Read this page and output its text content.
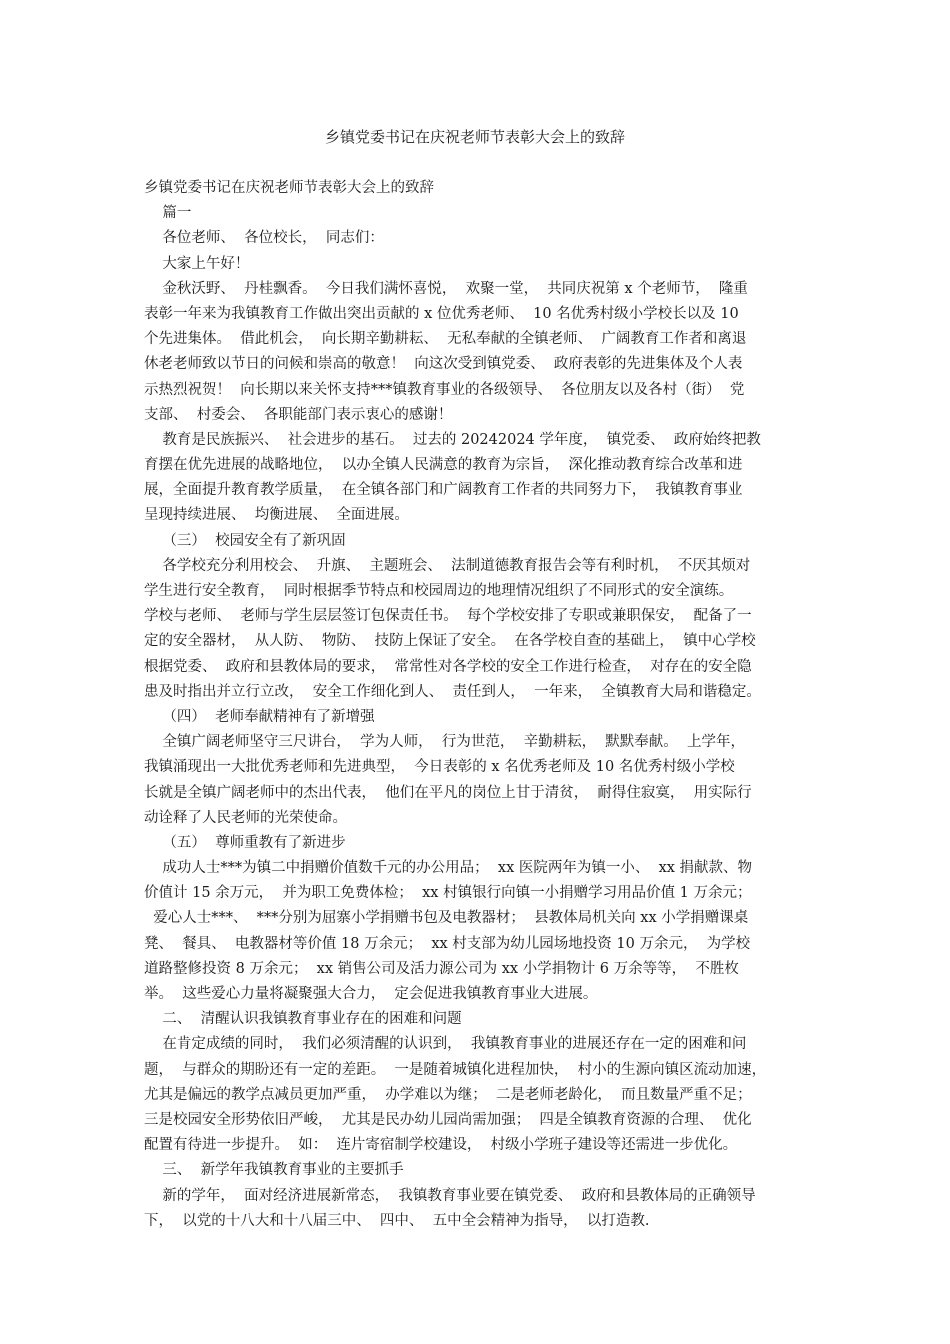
乡镇党委书记在庆祝老师节表彰大会上的致辞
乡镇党委书记在庆祝老师节表彰大会上的致辞
篇一
各位老师、  各位校长，  同志们：
大家上午好！
金秋沃野、  丹桂飘香。  今日我们满怀喜悦，  欢聚一堂，  共同庆祝第 x 个老师节，  隆重
表彰一年来为我镇教育工作做出突出贡献的 x 位优秀老师、  10 名优秀村级小学校长以及 10
个先进集体。  借此机会，  向长期辛勤耕耘、  无私奉献的全镇老师、  广阔教育工作者和离退
休老老师致以节日的问候和崇高的敬意！  向这次受到镇党委、  政府表彰的先进集体及个人表
示热烈祝贺！  向长期以来关怀支持***镇教育事业的各级领导、  各位朋友以及各村（街）  党
支部、  村委会、  各职能部门表示衷心的感谢！
教育是民族振兴、  社会进步的基石。  过去的 20242024 学年度，  镇党委、  政府始终把教
育摆在优先进展的战略地位，  以办全镇人民满意的教育为宗旨，  深化推动教育综合改革和进
展，全面提升教育教学质量，  在全镇各部门和广阔教育工作者的共同努力下，  我镇教育事业
呈现持续进展、  均衡进展、  全面进展。
（三）  校园安全有了新巩固
各学校充分利用校会、  升旗、  主题班会、  法制道德教育报告会等有利时机，  不厌其烦对
学生进行安全教育，  同时根据季节特点和校园周边的地理情况组织了不同形式的安全演练。
学校与老师、  老师与学生层层签订包保责任书。  每个学校安排了专职或兼职保安，  配备了一
定的安全器材，  从人防、  物防、  技防上保证了安全。  在各学校自查的基础上，  镇中心学校
根据党委、  政府和县教体局的要求，  常常性对各学校的安全工作进行检查，  对存在的安全隐
患及时指出并立行立改，  安全工作细化到人、  责任到人，  一年来，  全镇教育大局和谐稳定。
（四）  老师奉献精神有了新增强
全镇广阔老师坚守三尺讲台，  学为人师，  行为世范，  辛勤耕耘，  默默奉献。  上学年，
我镇涌现出一大批优秀老师和先进典型，  今日表彰的 x 名优秀老师及 10 名优秀村级小学校
长就是全镇广阔老师中的杰出代表，  他们在平凡的岗位上甘于清贫，  耐得住寂寞，  用实际行
动诠释了人民老师的光荣使命。
（五）  尊师重教有了新进步
成功人士***为镇二中捐赠价值数千元的办公用品；  xx 医院两年为镇一小、  xx 捐献款、物
价值计 15 余万元，  并为职工免费体检；  xx 村镇银行向镇一小捐赠学习用品价值 1 万余元；
爱心人士***、  ***分别为屈寨小学捐赠书包及电教器材；  县教体局机关向 xx 小学捐赠课桌
凳、  餐具、  电教器材等价值 18 万余元；  xx 村支部为幼儿园场地投资 10 万余元，  为学校
道路整修投资 8 万余元；  xx 销售公司及活力源公司为 xx 小学捐物计 6 万余等等，  不胜枚
举。  这些爱心力量将凝聚强大合力，  定会促进我镇教育事业大进展。
二、  清醒认识我镇教育事业存在的困难和问题
在肯定成绩的同时，  我们必须清醒的认识到，  我镇教育事业的进展还存在一定的困难和问
题，  与群众的期盼还有一定的差距。  一是随着城镇化进程加快，  村小的生源向镇区流动加速，
尤其是偏远的教学点减员更加严重，  办学难以为继；  二是老师老龄化，  而且数量严重不足；
三是校园安全形势依旧严峻，  尤其是民办幼儿园尚需加强；  四是全镇教育资源的合理、  优化
配置有待进一步提升。  如：  连片寄宿制学校建设，  村级小学班子建设等还需进一步优化。
三、  新学年我镇教育事业的主要抓手
新的学年，  面对经济进展新常态，  我镇教育事业要在镇党委、  政府和县教体局的正确领导
下，  以党的十八大和十八届三中、  四中、  五中全会精神为指导，  以打造教.
